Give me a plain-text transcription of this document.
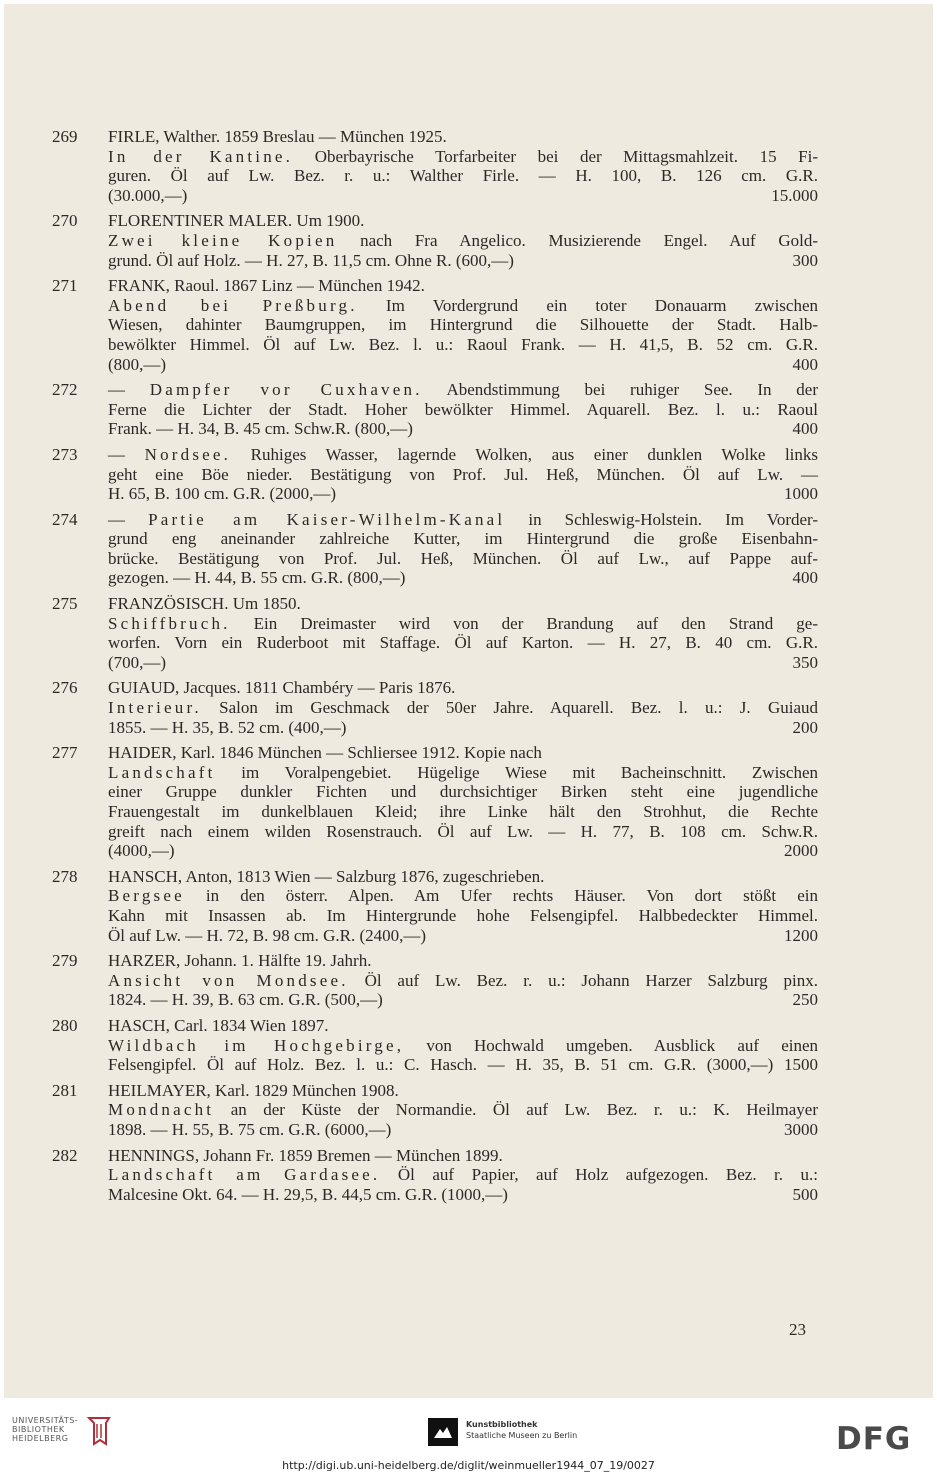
269	FIRLE, Walther. 1859 Breslau — München 1925.
In der Kantine. Oberbayrische Torfarbeiter bei der Mittagsmahlzeit. 15 Fi-
guren. Öl auf Lw. Bez. r. u.: Walther Firle. — H. 100, B. 126 cm. G.R.
(30.000,—)	15.000
270	FLORENTINER MALER. Um 1900.
Zwei kleine Kopien nach Fra Angelico. Musizierende Engel. Auf Gold-
grund. Öl auf Holz. — H. 27, B. 11,5 cm. Ohne R. (600,—)	300
271	FRANK, Raoul. 1867 Linz — München 1942.
Abend bei Preßburg. Im Vordergrund ein toter Donauarm zwischen
Wiesen, dahinter Baumgruppen, im Hintergrund die Silhouette der Stadt. Halb-
bewölkter Himmel. Öl auf Lw. Bez. l. u.: Raoul Frank. — H. 41,5, B. 52 cm. G.R.
(800,—)	400
272	— Dampfer vor Cuxhaven. Abendstimmung bei ruhiger See. In der
Ferne die Lichter der Stadt. Hoher bewölkter Himmel. Aquarell. Bez. l. u.: Raoul
Frank. — H. 34, B. 45 cm. Schw.R. (800,—)	400
273	— Nordsee. Ruhiges Wasser, lagernde Wolken, aus einer dunklen Wolke links
geht eine Böe nieder. Bestätigung von Prof. Jul. Heß, München. Öl auf Lw. —
H. 65, B. 100 cm. G.R. (2000,—)	1000
274	— Partie am Kaiser-Wilhelm-Kanal in Schleswig-Holstein. Im Vorder-
grund eng aneinander zahlreiche Kutter, im Hintergrund die große Eisenbahn-
brücke. Bestätigung von Prof. Jul. Heß, München. Öl auf Lw., auf Pappe auf-
gezogen. — H. 44, B. 55 cm. G.R. (800,—)	400
275	FRANZÖSISCH. Um 1850.
Schiffbruch. Ein Dreimaster wird von der Brandung auf den Strand ge-
worfen. Vorn ein Ruderboot mit Staffage. Öl auf Karton. — H. 27, B. 40 cm. G.R.
(700,—)	350
276	GUIAUD, Jacques. 1811 Chambéry — Paris 1876.
Interieur. Salon im Geschmack der 50er Jahre. Aquarell. Bez. l. u.: J. Guiaud
1855. — H. 35, B. 52 cm. (400,—)	200
277	HAIDER, Karl. 1846 München — Schliersee 1912. Kopie nach
Landschaft im Voralpengebiet. Hügelige Wiese mit Bacheinschnitt. Zwischen
einer Gruppe dunkler Fichten und durchsichtiger Birken steht eine jugendliche
Frauengestalt im dunkelblauen Kleid; ihre Linke hält den Strohhut, die Rechte
greift nach einem wilden Rosenstrauch. Öl auf Lw. — H. 77, B. 108 cm. Schw.R.
(4000,—)	2000
278	HANSCH, Anton, 1813 Wien — Salzburg 1876, zugeschrieben.
Bergsee in den österr. Alpen. Am Ufer rechts Häuser. Von dort stößt ein
Kahn mit Insassen ab. Im Hintergrunde hohe Felsengipfel. Halbbedeckter Himmel.
Öl auf Lw. — H. 72, B. 98 cm. G.R. (2400,—)	1200
279	HARZER, Johann. 1. Hälfte 19. Jahrh.
Ansicht von Mondsee. Öl auf Lw. Bez. r. u.: Johann Harzer Salzburg pinx.
1824. — H. 39, B. 63 cm. G.R. (500,—)	250
280	HASCH, Carl. 1834 Wien 1897.
Wildbach im Hochgebirge, von Hochwald umgeben. Ausblick auf einen
Felsengipfel. Öl auf Holz. Bez. l. u.: C. Hasch. — H. 35, B. 51 cm. G.R. (3000,—) 1500
281	HEILMAYER, Karl. 1829 München 1908.
Mondnacht an der Küste der Normandie. Öl auf Lw. Bez. r. u.: K. Heilmayer
1898. — H. 55, B. 75 cm. G.R. (6000,—)	3000
282	HENNINGS, Johann Fr. 1859 Bremen — München 1899.
Landschaft am Gardasee. Öl auf Papier, auf Holz aufgezogen. Bez. r. u.:
Malcesine Okt. 64. — H. 29,5, B. 44,5 cm. G.R. (1000,—)	500
23
UNIVERSITÄTS-
BIBLIOTHEK
HEIDELBERG
Kunstbibliothek
Staatliche Museen zu Berlin	DFG
http://digi.ub.uni-heidelberg.de/diglit/weinmueller1944_07_19/0027
